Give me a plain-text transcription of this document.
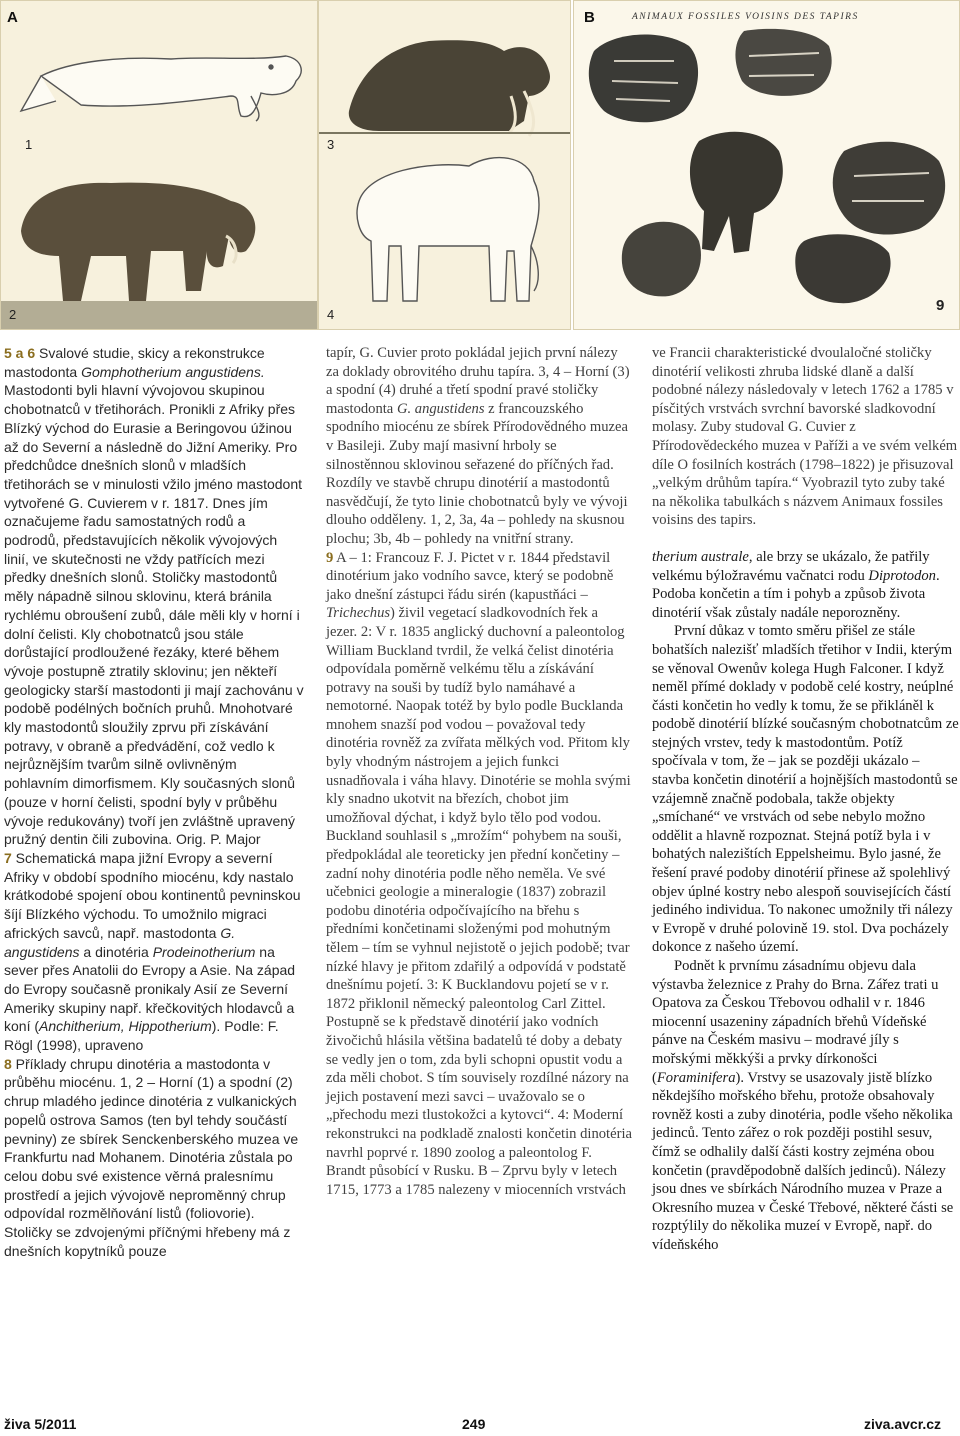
A
1
2
3
4
B
9
ANIMAUX FOSSILES VOISINS DES TAPIRS

5 a 6 Svalové studie, skicy a rekonstrukce mastodonta Gomphotherium angustidens. Mastodonti byli hlavní vývojovou skupinou chobotnatců v třetihorách. Pronikli z Afriky přes Blízký východ do Eurasie a Beringovou úžinou až do Severní a následně do Jižní Ameriky. Pro předchůdce dnešních slonů v mladších třetihorách se v minulosti vžilo jméno mastodont vytvořené G. Cuvierem v r. 1817. Dnes jím označujeme řadu samostatných rodů a podrodů, představujících několik vývojových linií, ve skutečnosti ne vždy patřících mezi předky dnešních slonů. Stoličky mastodontů měly nápadně silnou sklovinu, která bránila rychlému obroušení zubů, dále měli kly v horní i dolní čelisti. Kly chobotnatců jsou stále dorůstající prodloužené řezáky, které během vývoje postupně ztratily sklovinu; jen někteří geologicky starší mastodonti ji mají zachovánu v podobě podélných bočních pruhů. Mnohotvaré kly mastodontů sloužily zprvu při získávání potravy, v obraně a předvádění, což vedlo k nejrůznějším tvarům silně ovlivněným pohlavním dimorfismem. Kly současných slonů (pouze v horní čelisti, spodní byly v průběhu vývoje redukovány) tvoří jen zvláštně upravený pružný dentin čili zubovina. Orig. P. Major

7 Schematická mapa jižní Evropy a severní Afriky v období spodního miocénu, kdy nastalo krátkodobé spojení obou kontinentů pevninskou šíjí Blízkého východu. To umožnilo migraci afrických savců, např. mastodonta G. angustidens a dinotéria Prodeinotherium na sever přes Anatolii do Evropy a Asie. Na západ do Evropy současně pronikaly Asií ze Severní Ameriky skupiny např. křečkovitých hlodavců a koní (Anchitherium, Hippotherium). Podle: F. Rögl (1998), upraveno

8 Příklady chrupu dinotéria a mastodonta v průběhu miocénu. 1, 2 – Horní (1) a spodní (2) chrup mladého jedince dinotéria z vulkanických popelů ostrova Samos (ten byl tehdy součástí pevniny) ze sbírek Senckenberského muzea ve Frankfurtu nad Mohanem. Dinotéria zůstala po celou dobu své existence věrná pralesnímu prostředí a jejich vývojově neproměnný chrup odpovídal rozmělňování listů (foliovorie). Stoličky se zdvojenými příčnými hřebeny má z dnešních kopytníků pouze

tapír, G. Cuvier proto pokládal jejich první nálezy za doklady obrovitého druhu tapíra. 3, 4 – Horní (3) a spodní (4) druhé a třetí spodní pravé stoličky mastodonta G. angustidens z francouzského spodního miocénu ze sbírek Přírodovědného muzea v Basileji. Zuby mají masivní hrboly se silnostěnnou sklovinou seřazené do příčných řad. Rozdíly ve stavbě chrupu dinotérií a mastodontů nasvědčují, že tyto linie chobotnatců byly ve vývoji dlouho odděleny. 1, 2, 3a, 4a – pohledy na skusnou plochu; 3b, 4b – pohledy na vnitřní strany.

9 A – 1: Francouz F. J. Pictet v r. 1844 představil dinotérium jako vodního savce, který se podobně jako dnešní zástupci řádu sirén (kapustňáci – Trichechus) živil vegetací sladkovodních řek a jezer. 2: V r. 1835 anglický duchovní a paleontolog William Buckland tvrdil, že velká čelist dinotéria odpovídala poměrně velkému tělu a získávání potravy na souši by tudíž bylo namáhavé a nemotorné. Naopak totéž by bylo podle Bucklanda mnohem snazší pod vodou – považoval tedy dinotéria rovněž za zvířata mělkých vod. Přitom kly byly vhodným nástrojem a jejich funkci usnadňovala i váha hlavy. Dinotérie se mohla svými kly snadno ukotvit na březích, chobot jim umožňoval dýchat, i když bylo tělo pod vodou. Buckland souhlasil s „mrožím“ pohybem na souši, předpokládal ale teoreticky jen přední končetiny – zadní nohy dinotéria podle něho neměla. Ve své učebnici geologie a mineralogie (1837) zobrazil podobu dinotéria odpočívajícího na břehu s předními končetinami složenými pod mohutným tělem – tím se vyhnul nejistotě o jejich podobě; tvar nízké hlavy je přitom zdařilý a odpovídá v podstatě dnešnímu pojetí. 3: K Bucklandovu pojetí se v r. 1872 přiklonil německý paleontolog Carl Zittel. Postupně se k představě dinotérií jako vodních živočichů hlásila většina badatelů té doby a debaty se vedly jen o tom, zda byli schopni opustit vodu a zda měli chobot. S tím souvisely rozdílné názory na jejich postavení mezi savci – uvažovalo se o „přechodu mezi tlustokožci a kytovci“. 4: Moderní rekonstrukci na podkladě znalosti končetin dinotéria navrhl poprvé r. 1890 zoolog a paleontolog F. Brandt působící v Rusku. B – Zprvu byly v letech 1715, 1773 a 1785 nalezeny v miocenních vrstvách

ve Francii charakteristické dvoulaločné stoličky dinotérií velikosti zhruba lidské dlaně a další podobné nálezy následovaly v letech 1762 a 1785 v písčitých vrstvách svrchní bavorské sladkovodní molasy. Zuby studoval G. Cuvier z Přírodovědeckého muzea v Paříži a ve svém velkém díle O fosilních kostrách (1798–1822) je přisuzoval „velkým drůhům tapíra.“ Vyobrazil tyto zuby také na několika tabulkách s názvem Animaux fossiles voisins des tapirs.

therium australe, ale brzy se ukázalo, že patřily velkému býložravému vačnatci rodu Diprotodon. Podoba končetin a tím i pohyb a způsob života dinotérií však zůstaly nadále neporozněny.

První důkaz v tomto směru přišel ze stále bohatších nalezišť mladších třetihor v Indii, kterým se věnoval Owenův kolega Hugh Falconer. I když neměl přímé doklady v podobě celé kostry, neúplné části končetin ho vedly k tomu, že se přikláněl k podobě dinotérií blízké současným chobotnatcům ze stejných vrstev, tedy k mastodontům. Potíž spočívala v tom, že – jak se později ukázalo – stavba končetin dinotérií a hojnějších mastodontů se vzájemně značně podobala, takže objekty „smíchané“ ve vrstvách od sebe nebylo možno oddělit a hlavně rozpoznat. Stejná potíž byla i v bohatých nalezištích Eppelsheimu. Bylo jasné, že řešení pravé podoby dinotérií přinese až spolehlivý objev úplné kostry nebo alespoň souvisejících částí jediného individua. To nakonec umožnily tři nálezy v Evropě v druhé polovině 19. stol. Dva pocházely dokonce z našeho území.

Podnět k prvnímu zásadnímu objevu dala výstavba železnice z Prahy do Brna. Zářez trati u Opatova za Českou Třebovou odhalil v r. 1846 miocenní usazeniny západních břehů Vídeňské pánve na Českém masivu – modravé jíly s mořskými měkkýši a prvky dírkonošci (Foraminifera). Vrstvy se usazovaly jistě blízko někdejšího mořského břehu, protože obsahovaly rovněž kosti a zuby dinotéria, podle všeho několika jedinců. Tento zářez o rok později postihl sesuv, čímž se odhalily další části kostry zejména obou končetin (pravděpodobně dalších jedinců). Nálezy jsou dnes ve sbírkách Národního muzea v Praze a Okresního muzea v České Třebové, některé části se rozptýlily do několika muzeí v Evropě, např. do vídeňského

živa 5/2011	249	ziva.avcr.cz
